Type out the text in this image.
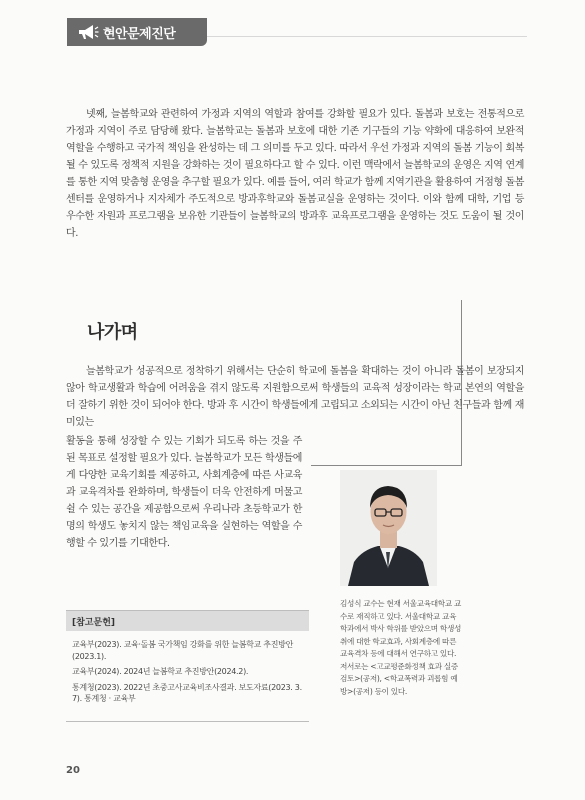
현안문제진단

넷째, 늘봄학교와 관련하여 가정과 지역의 역할과 참여를 강화할 필요가 있다. 돌봄과 보호는 전통적으로 가정과 지역이 주로 담당해 왔다. 늘봄학교는 돌봄과 보호에 대한 기존 기구들의 기능 약화에 대응하여 보완적 역할을 수행하고 국가적 책임을 완성하는 데 그 의미를 두고 있다. 따라서 우선 가정과 지역의 돌봄 기능이 회복될 수 있도록 정책적 지원을 강화하는 것이 필요하다고 할 수 있다. 이런 맥락에서 늘봄학교의 운영은 지역 연계를 통한 지역 맞춤형 운영을 추구할 필요가 있다. 예를 들어, 여러 학교가 함께 지역기관을 활용하여 거점형 돌봄센터를 운영하거나 지자체가 주도적으로 방과후학교와 돌봄교실을 운영하는 것이다. 이와 함께 대학, 기업 등 우수한 자원과 프로그램을 보유한 기관들이 늘봄학교의 방과후 교육프로그램을 운영하는 것도 도움이 될 것이다.

나가며

늘봄학교가 성공적으로 정착하기 위해서는 단순히 학교에 돌봄을 확대하는 것이 아니라 돌봄이 보장되지 않아 학교생활과 학습에 어려움을 겪지 않도록 지원함으로써 학생들의 교육적 성장이라는 학교 본연의 역할을 더 잘하기 위한 것이 되어야 한다. 방과 후 시간이 학생들에게 고립되고 소외되는 시간이 아닌 친구들과 함께 재미있는

활동을 통해 성장할 수 있는 기회가 되도록 하는 것을 주된 목표로 설정할 필요가 있다. 늘봄학교가 모든 학생들에게 다양한 교육기회를 제공하고, 사회계층에 따른 사교육과 교육격차를 완화하며, 학생들이 더욱 안전하게 머물고 쉴 수 있는 공간을 제공함으로써 우리나라 초등학교가 한 명의 학생도 놓치지 않는 책임교육을 실현하는 역할을 수행할 수 있기를 기대한다.

김성식 교수는 현재 서울교육대학교 교수로 재직하고 있다. 서울대학교 교육학과에서 박사 학위를 받았으며 학생성취에 대한 학교효과, 사회계층에 따른 교육격차 등에 대해서 연구하고 있다. 저서로는 <고교평준화정책 효과 실증검토>(공저), <학교폭력과 괴롭힘 예방>(공저) 등이 있다.

[참고문헌]
교육부(2023). 교육·돌봄 국가책임 강화를 위한 늘봄학교 추진방안(2023.1).
교육부(2024). 2024년 늘봄학교 추진방안(2024.2).
통계청(2023). 2022년 초중고사교육비조사결과. 보도자료(2023. 3. 7). 통계청 · 교육부
20
